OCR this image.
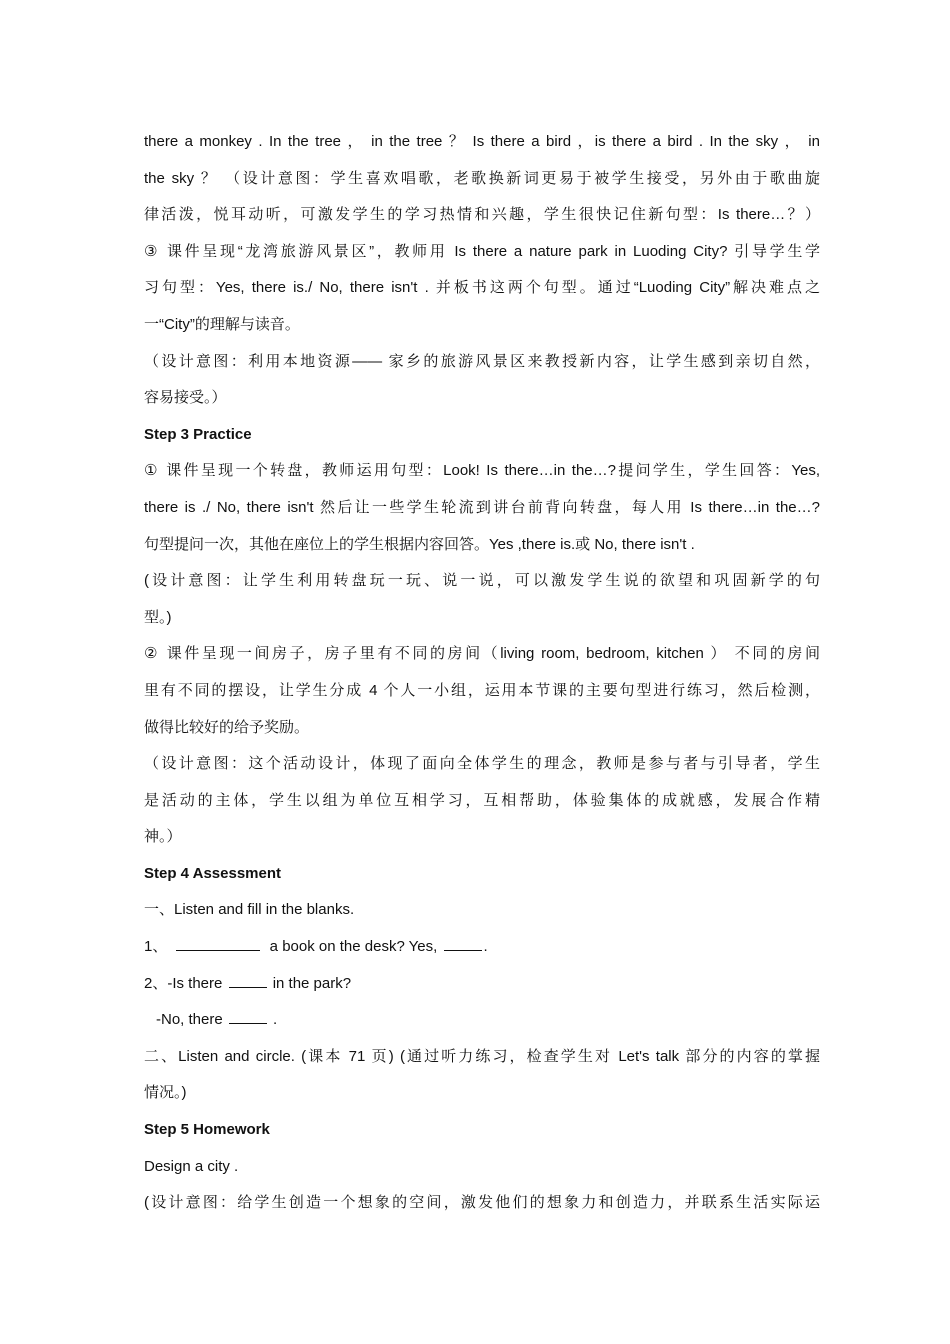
there a monkey . In the tree ， in the tree ？ Is there a bird ，is there a bird . In the sky ， in
the sky ？ （设计意图：学生喜欢唱歌，老歌换新词更易于被学生接受，另外由于歌曲旋
律活泼，悦耳动听，可激发学生的学习热情和兴趣，学生很快记住新句型：Is there…？）
③ 课件呈现“龙湾旅游风景区”，教师用 Is there a nature park in Luoding City? 引导学生学
习句型：Yes, there is./ No, there isn't . 并板书这两个句型。通过“Luoding City”解决难点之
一“City”的理解与读音。
（设计意图：利用本地资源—— 家乡的旅游风景区来教授新内容，让学生感到亲切自然，
容易接受。）
Step 3 Practice
① 课件呈现一个转盘，教师运用句型：Look! Is there…in the…?提问学生，学生回答：Yes,
there is ./ No, there isn't 然后让一些学生轮流到讲台前背向转盘，每人用 Is there…in the…?
句型提问一次，其他在座位上的学生根据内容回答。Yes ,there is.或 No, there isn't .
(设计意图：让学生利用转盘玩一玩、说一说，可以激发学生说的欲望和巩固新学的句
型。)
② 课件呈现一间房子，房子里有不同的房间（living room, bedroom, kitchen ） 不同的房间
里有不同的摆设，让学生分成 4 个人一小组，运用本节课的主要句型进行练习，然后检测，
做得比较好的给予奖励。
（设计意图：这个活动设计，体现了面向全体学生的理念，教师是参与者与引导者，学生
是活动的主体，学生以组为单位互相学习，互相帮助，体验集体的成就感，发展合作精
神。）
Step 4 Assessment
一、Listen and fill in the blanks.
1、	a book on the desk? Yes,	.
2、-Is there	in the park?
-No, there	.
二、Listen and circle. (课本 71 页) (通过听力练习，检查学生对 Let's talk 部分的内容的掌握
情况。)
Step 5 Homework
Design a city .
(设计意图：给学生创造一个想象的空间，激发他们的想象力和创造力，并联系生活实际运
